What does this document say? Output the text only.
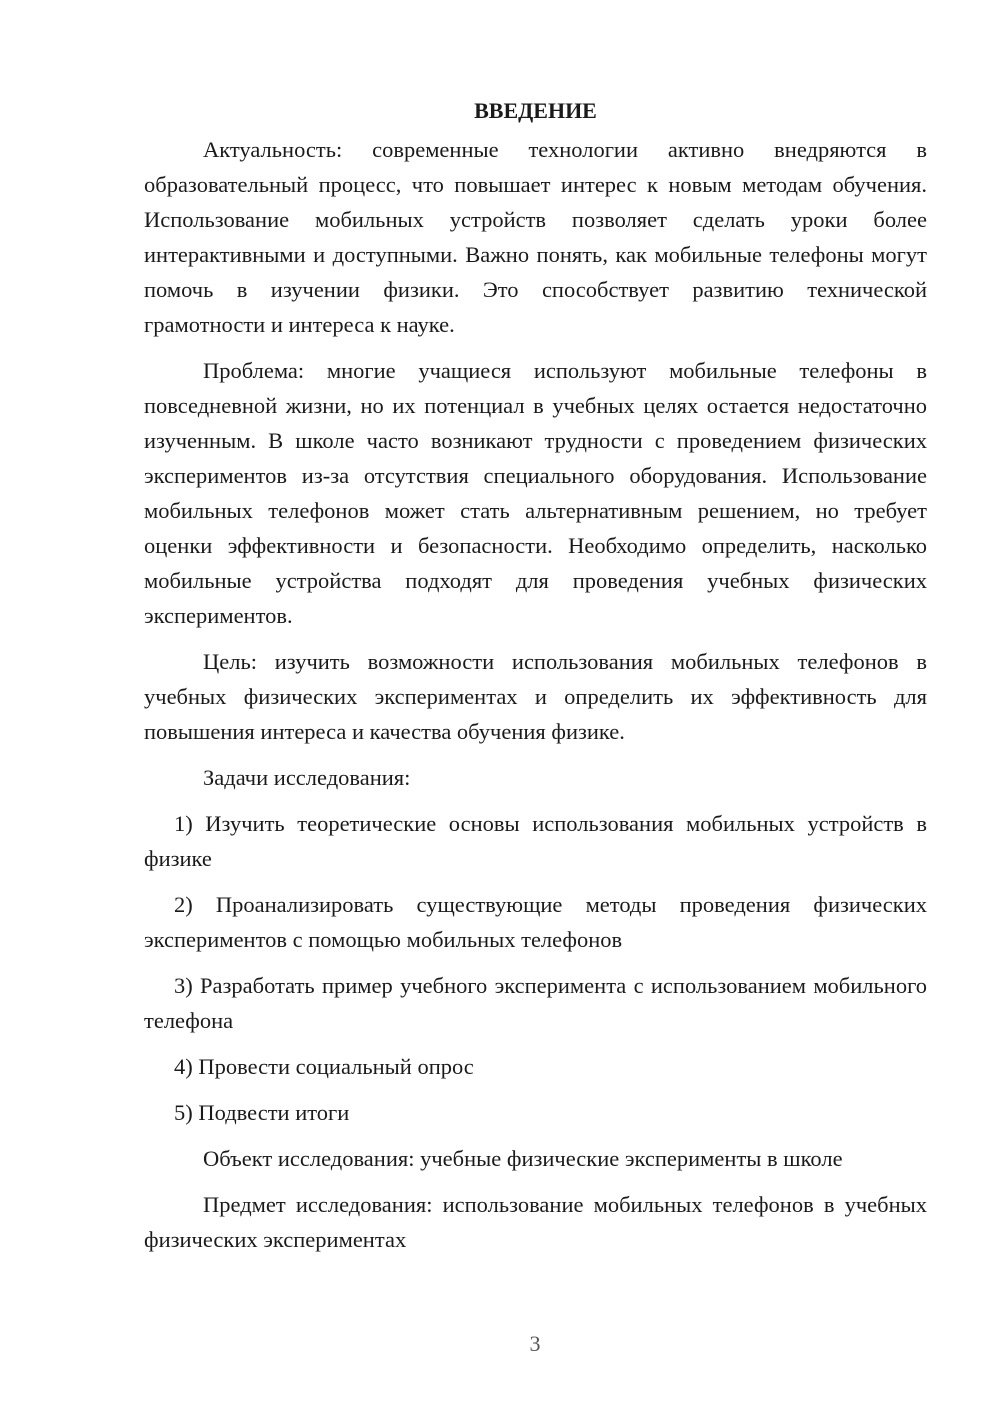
ВВЕДЕНИЕ

Актуальность: современные технологии активно внедряются в образовательный процесс, что повышает интерес к новым методам обучения. Использование мобильных устройств позволяет сделать уроки более интерактивными и доступными. Важно понять, как мобильные телефоны могут помочь в изучении физики. Это способствует развитию технической грамотности и интереса к науке.

Проблема: многие учащиеся используют мобильные телефоны в повседневной жизни, но их потенциал в учебных целях остается недостаточно изученным. В школе часто возникают трудности с проведением физических экспериментов из-за отсутствия специального оборудования. Использование мобильных телефонов может стать альтернативным решением, но требует оценки эффективности и безопасности. Необходимо определить, насколько мобильные устройства подходят для проведения учебных физических экспериментов.

Цель: изучить возможности использования мобильных телефонов в учебных физических экспериментах и определить их эффективность для повышения интереса и качества обучения физике.

Задачи исследования:

1) Изучить теоретические основы использования мобильных устройств в физике

2) Проанализировать существующие методы проведения физических экспериментов с помощью мобильных телефонов

3) Разработать пример учебного эксперимента с использованием мобильного телефона

4) Провести социальный опрос

5) Подвести итоги

Объект исследования: учебные физические эксперименты в школе

Предмет исследования: использование мобильных телефонов в учебных физических экспериментах

3
